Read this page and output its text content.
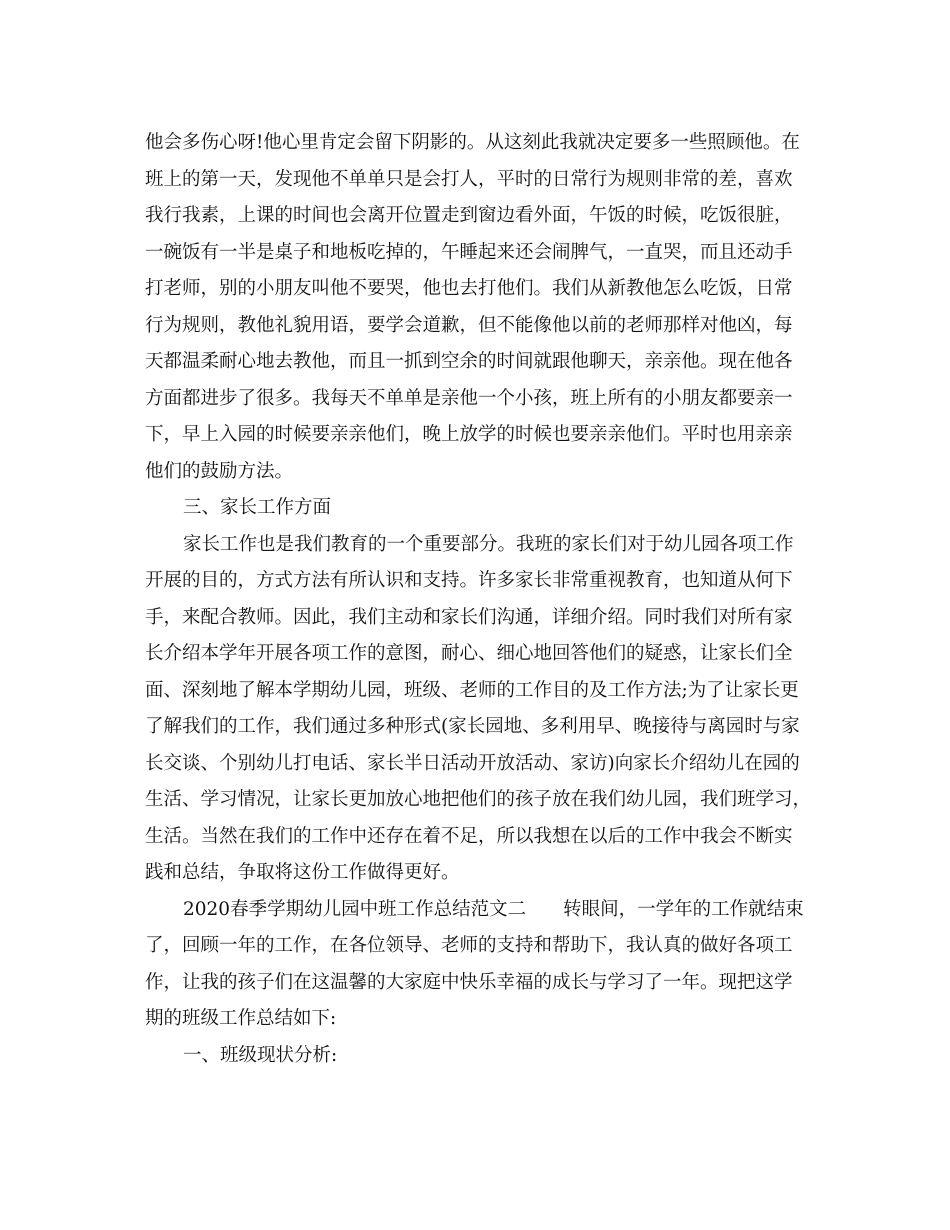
他会多伤心呀!他心里肯定会留下阴影的。从这刻此我就决定要多一些照顾他。在
班上的第一天，发现他不单单只是会打人，平时的日常行为规则非常的差，喜欢
我行我素，上课的时间也会离开位置走到窗边看外面，午饭的时候，吃饭很脏，
一碗饭有一半是桌子和地板吃掉的，午睡起来还会闹脾气，一直哭，而且还动手
打老师，别的小朋友叫他不要哭，他也去打他们。我们从新教他怎么吃饭，日常
行为规则，教他礼貌用语，要学会道歉，但不能像他以前的老师那样对他凶，每
天都温柔耐心地去教他，而且一抓到空余的时间就跟他聊天，亲亲他。现在他各
方面都进步了很多。我每天不单单是亲他一个小孩，班上所有的小朋友都要亲一
下，早上入园的时候要亲亲他们，晚上放学的时候也要亲亲他们。平时也用亲亲
他们的鼓励方法。
三、家长工作方面
家长工作也是我们教育的一个重要部分。我班的家长们对于幼儿园各项工作
开展的目的，方式方法有所认识和支持。许多家长非常重视教育，也知道从何下
手，来配合教师。因此，我们主动和家长们沟通，详细介绍。同时我们对所有家
长介绍本学年开展各项工作的意图，耐心、细心地回答他们的疑惑，让家长们全
面、深刻地了解本学期幼儿园，班级、老师的工作目的及工作方法;为了让家长更
了解我们的工作，我们通过多种形式(家长园地、多利用早、晚接待与离园时与家
长交谈、个别幼儿打电话、家长半日活动开放活动、家访)向家长介绍幼儿在园的
生活、学习情况，让家长更加放心地把他们的孩子放在我们幼儿园，我们班学习，
生活。当然在我们的工作中还存在着不足，所以我想在以后的工作中我会不断实
践和总结，争取将这份工作做得更好。
2020春季学期幼儿园中班工作总结范文二　　转眼间，一学年的工作就结束
了，回顾一年的工作，在各位领导、老师的支持和帮助下，我认真的做好各项工
作，让我的孩子们在这温馨的大家庭中快乐幸福的成长与学习了一年。现把这学
期的班级工作总结如下:
一、班级现状分析:
